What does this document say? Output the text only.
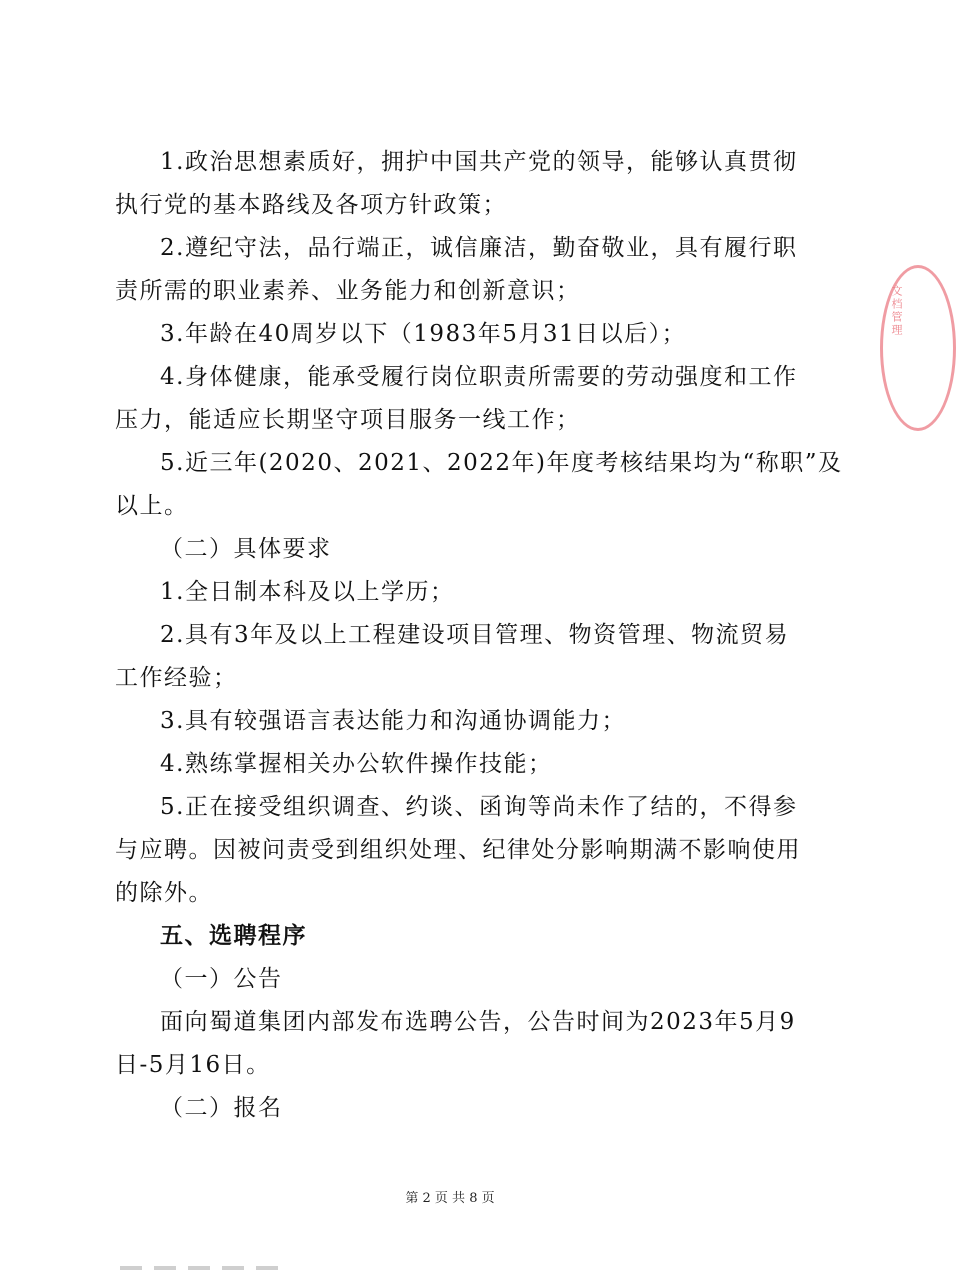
1.政治思想素质好，拥护中国共产党的领导，能够认真贯彻
执行党的基本路线及各项方针政策；
2.遵纪守法，品行端正，诚信廉洁，勤奋敬业，具有履行职
责所需的职业素养、业务能力和创新意识；
3.年龄在40周岁以下（1983年5月31日以后）；
4.身体健康，能承受履行岗位职责所需要的劳动强度和工作
压力，能适应长期坚守项目服务一线工作；
5.近三年(2020、2021、2022年)年度考核结果均为“称职”及
以上。
（二）具体要求
1.全日制本科及以上学历；
2.具有3年及以上工程建设项目管理、物资管理、物流贸易
工作经验；
3.具有较强语言表达能力和沟通协调能力；
4.熟练掌握相关办公软件操作技能；
5.正在接受组织调查、约谈、函询等尚未作了结的，不得参
与应聘。因被问责受到组织处理、纪律处分影响期满不影响使用
的除外。
五、选聘程序
（一）公告
面向蜀道集团内部发布选聘公告，公告时间为2023年5月9
日-5月16日。
（二）报名
第 2 页 共 8 页
文档管理
